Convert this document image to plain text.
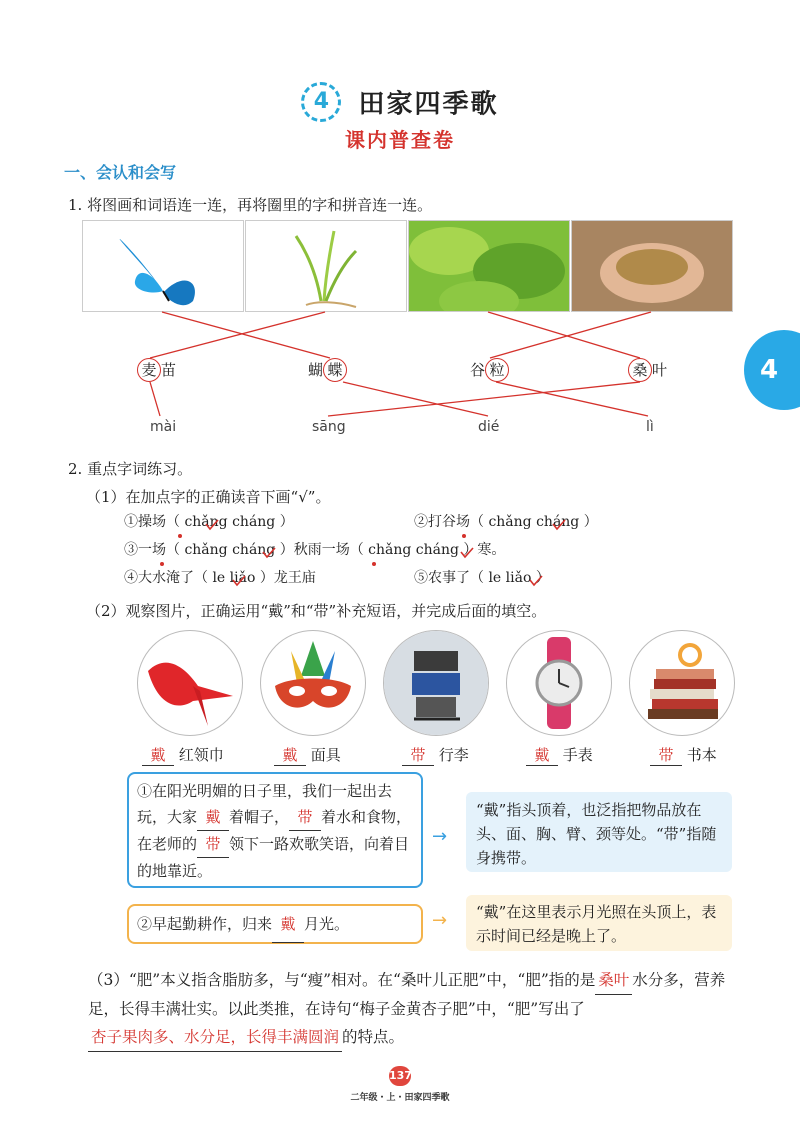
4 田家四季歌
课内普查卷
4
一、会认和会写
1. 将图画和词语连一连，再将圈里的字和拼音连一连。
麦 苗	蝴 蝶	谷 粒	桑 叶
mài	sāng	dié	lì
2. 重点字词练习。
（1）在加点字的正确读音下画“√”。
①操场（ chǎng cháng ）	②打谷场（ chǎng cháng ）
③一场（ chǎng cháng ）秋雨一场（ chǎng cháng ）寒。
④大水淹了（ le liǎo ）龙王庙	⑤农事了（ le liǎo ）
（2）观察图片，正确运用“戴”和“带”补充短语，并完成后面的填空。
戴 红领巾	戴 面具	带 行李	戴 手表	带 书本
①在阳光明媚的日子里，我们一起出去玩，大家 戴 着帽子， 带 着水和食物，在老师的 带 领下一路欢歌笑语，向着目的地靠近。
→
“戴”指头顶着，也泛指把物品放在头、面、胸、臂、颈等处。“带”指随身携带。
②早起勤耕作，归来 戴 月光。	→	“戴”在这里表示月光照在头顶上，表示时间已经是晚上了。
（3）“肥”本义指含脂肪多，与“瘦”相对。在“桑叶儿正肥”中，“肥”指的是 桑叶 水分多，营养足，长得丰满壮实。以此类推，在诗句“梅子金黄杏子肥”中，“肥”写出了杏子果肉多、水分足，长得丰满圆润 的特点。
137
二年级・上・田家四季歌
